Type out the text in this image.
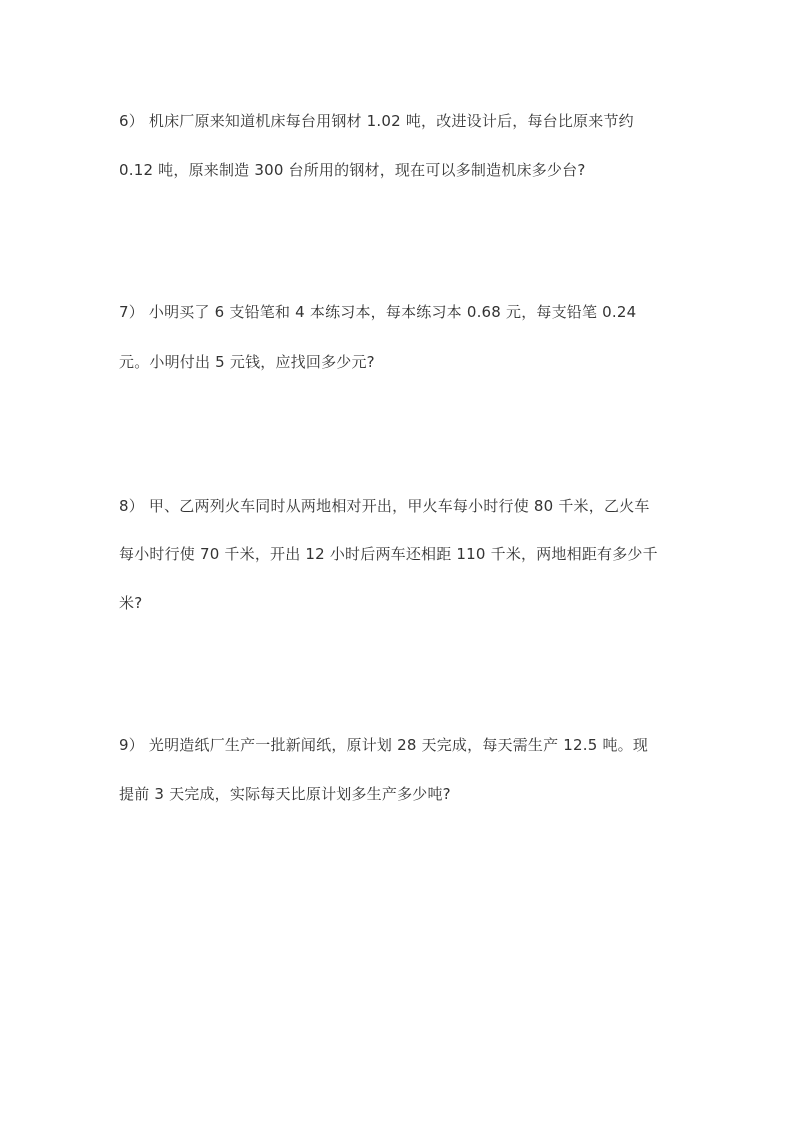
6） 机床厂原来知道机床每台用钢材 1.02 吨，改进设计后，每台比原来节约
0.12 吨，原来制造 300 台所用的钢材，现在可以多制造机床多少台?
7） 小明买了 6 支铅笔和 4 本练习本，每本练习本 0.68 元，每支铅笔 0.24
元。小明付出 5 元钱，应找回多少元?
8） 甲、乙两列火车同时从两地相对开出，甲火车每小时行使 80 千米，乙火车
每小时行使 70 千米，开出 12 小时后两车还相距 110 千米，两地相距有多少千
米?
9） 光明造纸厂生产一批新闻纸，原计划 28 天完成，每天需生产 12.5 吨。现
提前 3 天完成，实际每天比原计划多生产多少吨?
